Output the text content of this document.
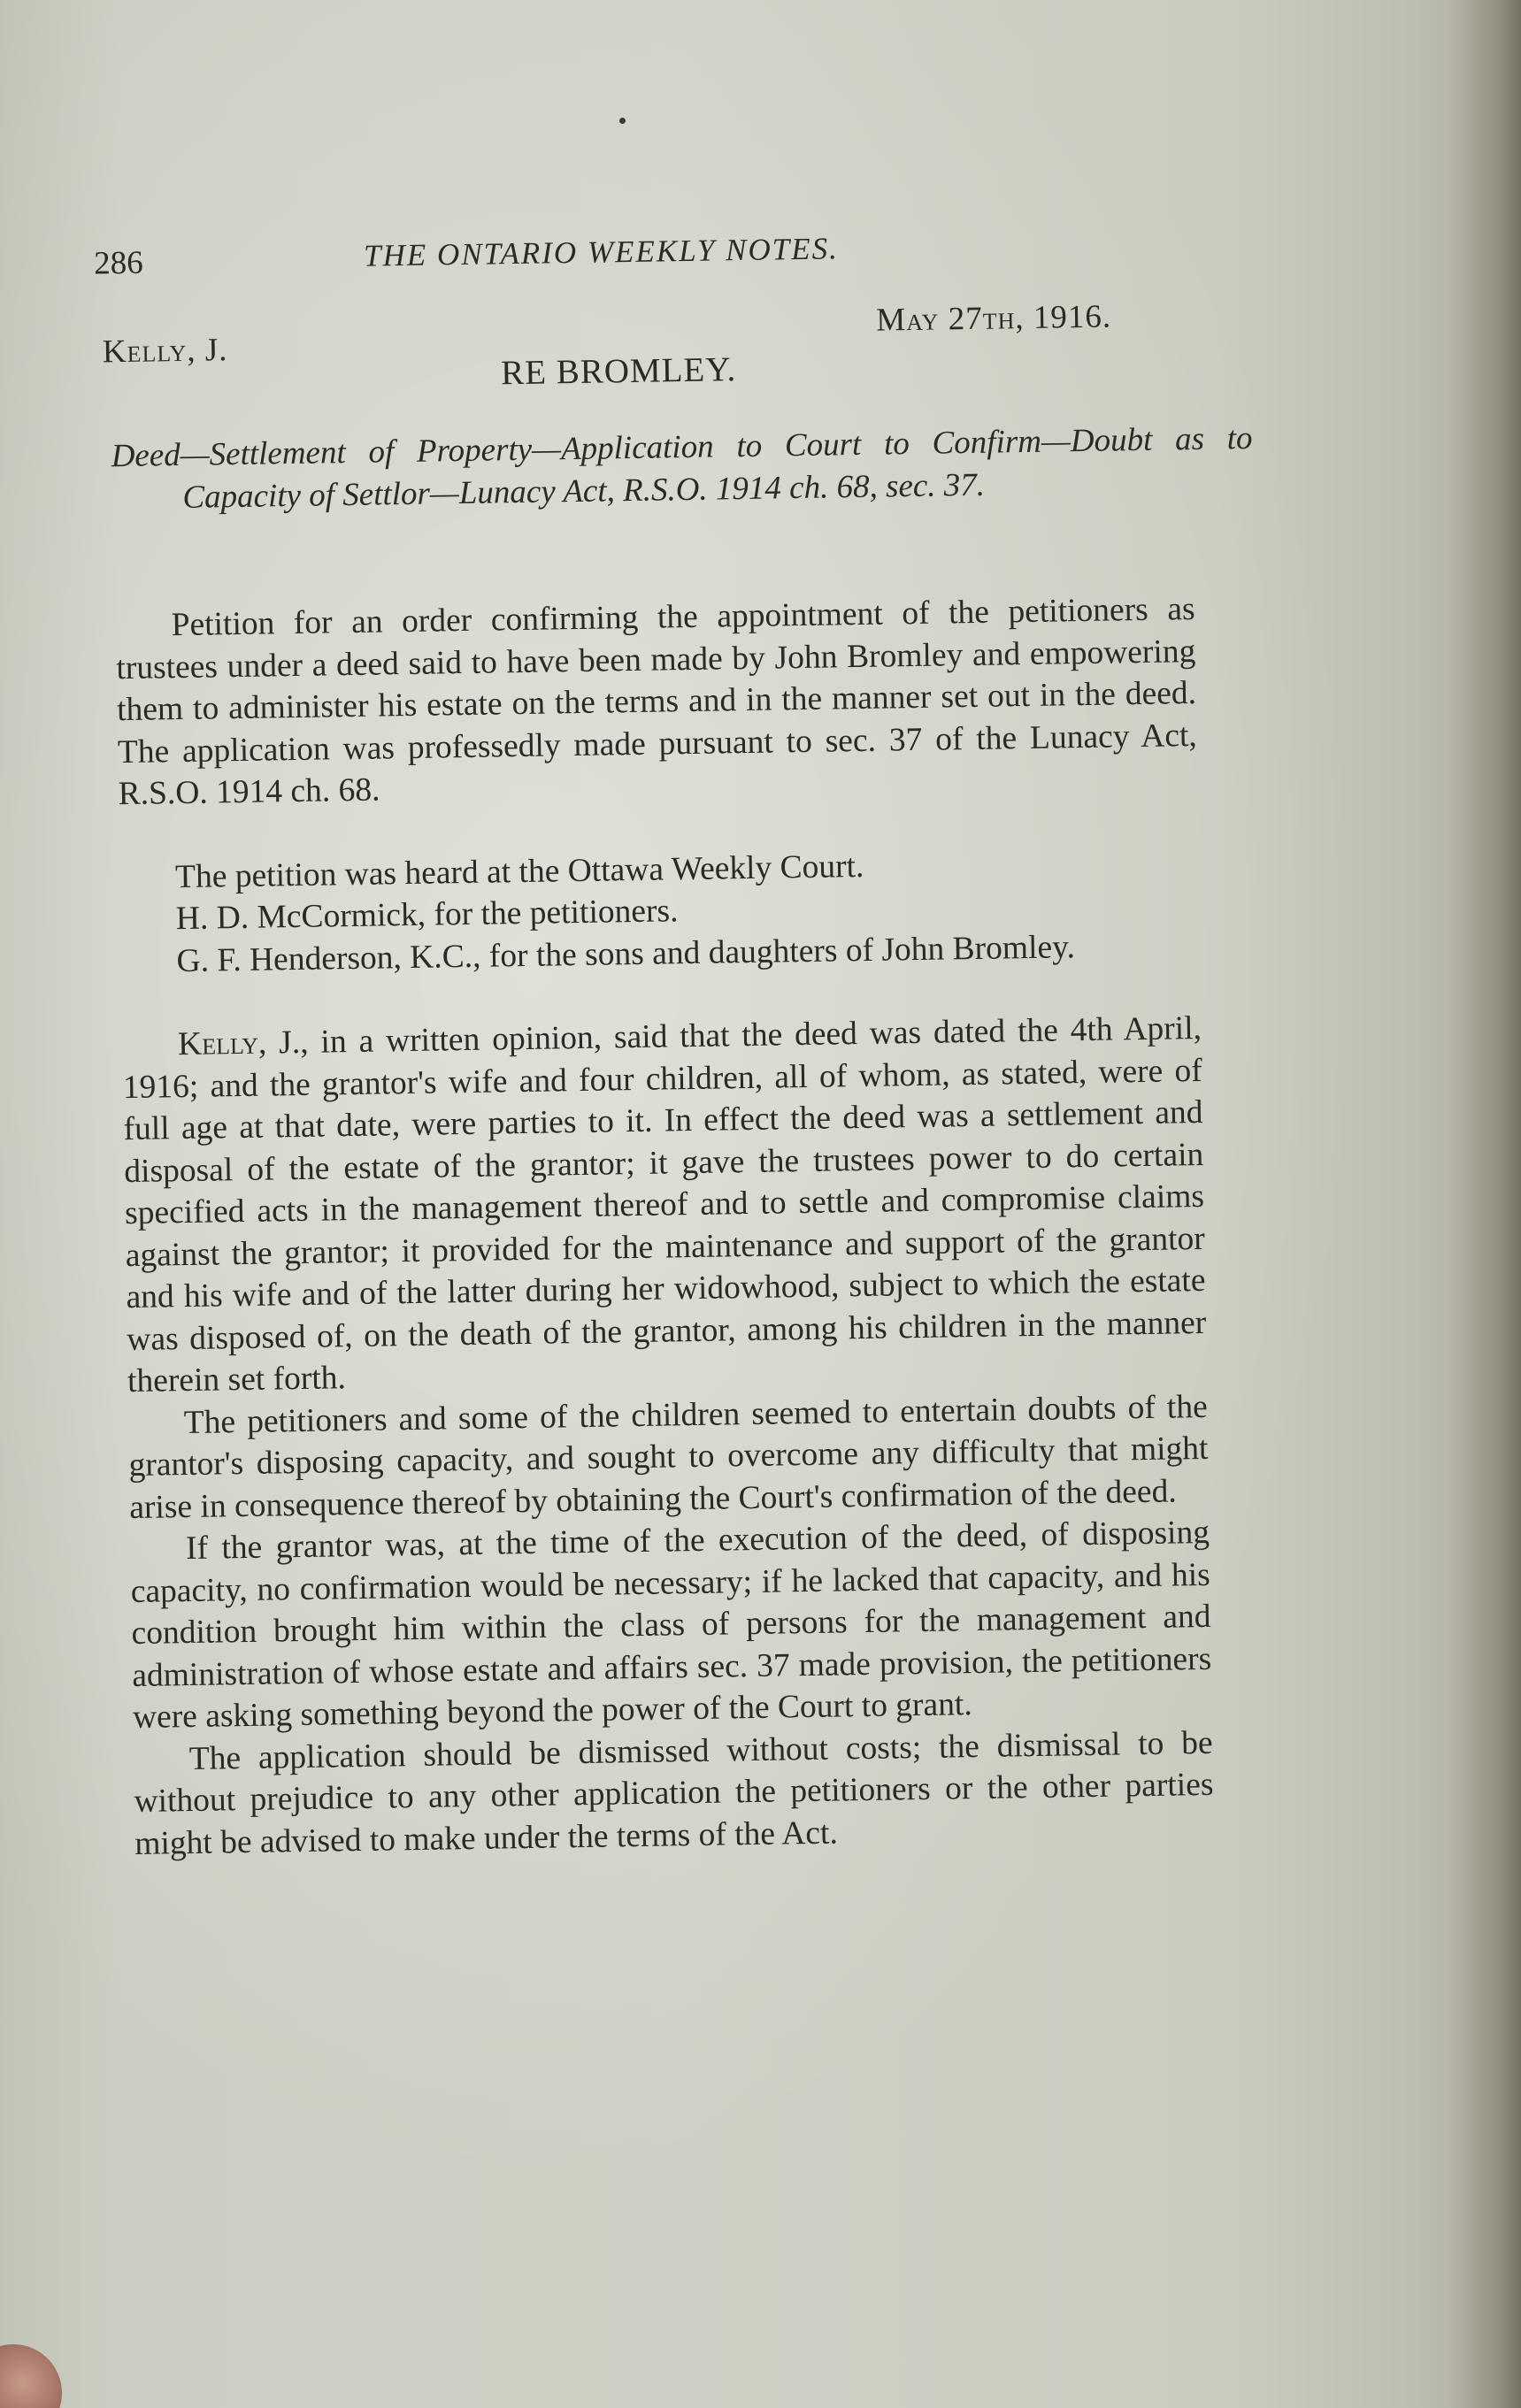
286	THE ONTARIO WEEKLY NOTES.
Kelly, J.
May 27th, 1916.
RE BROMLEY.
Deed—Settlement of Property—Application to Court to Confirm—Doubt as to Capacity of Settlor—Lunacy Act, R.S.O. 1914 ch. 68, sec. 37.

Petition for an order confirming the appointment of the petitioners as trustees under a deed said to have been made by John Bromley and empowering them to administer his estate on the terms and in the manner set out in the deed. The application was professedly made pursuant to sec. 37 of the Lunacy Act, R.S.O. 1914 ch. 68.

The petition was heard at the Ottawa Weekly Court.

H. D. McCormick, for the petitioners.

G. F. Henderson, K.C., for the sons and daughters of John Bromley.

Kelly, J., in a written opinion, said that the deed was dated the 4th April, 1916; and the grantor's wife and four children, all of whom, as stated, were of full age at that date, were parties to it. In effect the deed was a settlement and disposal of the estate of the grantor; it gave the trustees power to do certain specified acts in the management thereof and to settle and compromise claims against the grantor; it provided for the maintenance and support of the grantor and his wife and of the latter during her widowhood, subject to which the estate was disposed of, on the death of the grantor, among his children in the manner therein set forth.

The petitioners and some of the children seemed to entertain doubts of the grantor's disposing capacity, and sought to overcome any difficulty that might arise in consequence thereof by obtaining the Court's confirmation of the deed.

If the grantor was, at the time of the execution of the deed, of disposing capacity, no confirmation would be necessary; if he lacked that capacity, and his condition brought him within the class of persons for the management and administration of whose estate and affairs sec. 37 made provision, the petitioners were asking something beyond the power of the Court to grant.

The application should be dismissed without costs; the dismissal to be without prejudice to any other application the petitioners or the other parties might be advised to make under the terms of the Act.
